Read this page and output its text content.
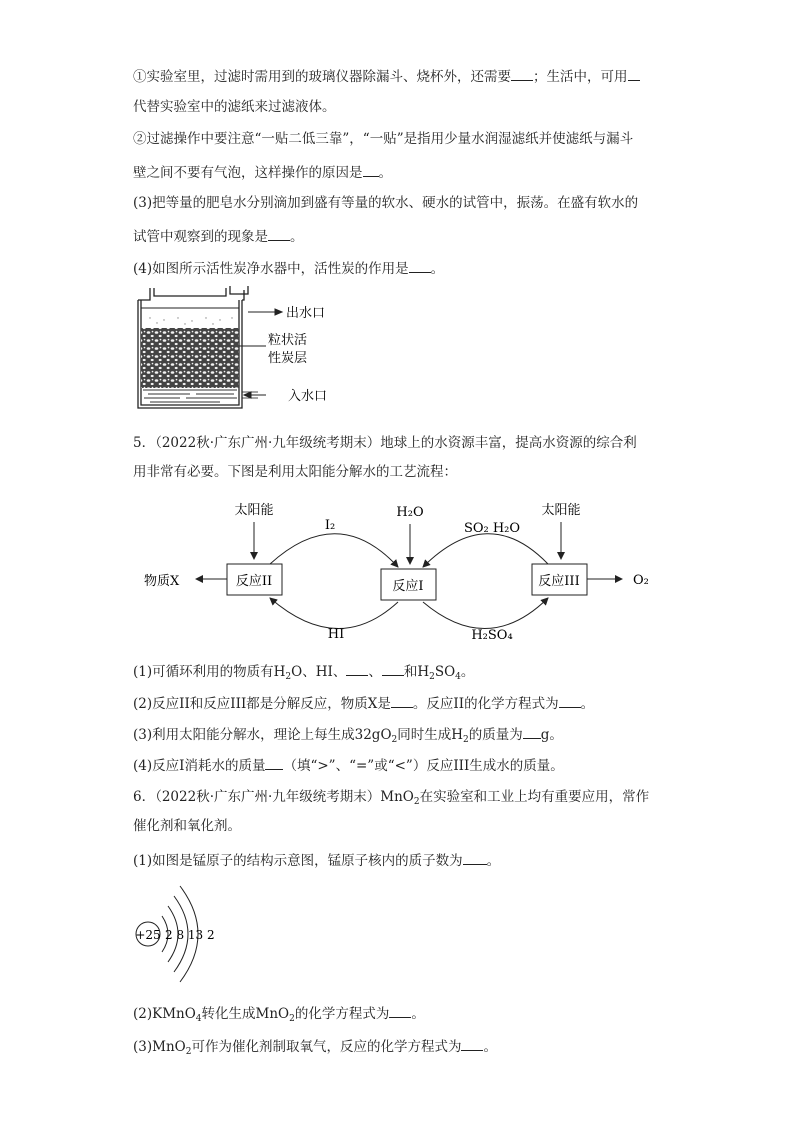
①实验室里，过滤时需用到的玻璃仪器除漏斗、烧杯外，还需要 ；生活中，可用
代替实验室中的滤纸来过滤液体。
②过滤操作中要注意“一贴二低三靠”，“一贴”是指用少量水润湿滤纸并使滤纸与漏斗
壁之间不要有气泡，这样操作的原因是 。
(3)把等量的肥皂水分别滴加到盛有等量的软水、硬水的试管中，振荡。在盛有软水的
试管中观察到的现象是 。
(4)如图所示活性炭净水器中，活性炭的作用是 。
出水口
粒状活
性炭层
入水口
5．（2022秋·广东广州·九年级统考期末）地球上的水资源丰富，提高水资源的综合利
用非常有必要。下图是利用太阳能分解水的工艺流程：
反应II	反应I	反应III
太阳能	H₂O	太阳能
物质X	O₂
I₂	SO₂ H₂O
HI	H₂SO₄
(1)可循环利用的物质有$H_2O$、HI、 、 和$H_2SO_4$。
(2)反应II和反应III都是分解反应，物质X是 。反应II的化学方程式为 。
(3)利用太阳能分解水，理论上每生成$32gO_2$同时生成$H_2$的质量为 g。
(4)反应I消耗水的质量 （填“>”、“=”或“<”）反应III生成水的质量。
6．（2022秋·广东广州·九年级统考期末）MnO$_2$在实验室和工业上均有重要应用，常作
催化剂和氧化剂。
(1)如图是锰原子的结构示意图，锰原子核内的质子数为 。
+25 2 8 13 2
(2)KMnO$_4$转化生成MnO$_2$的化学方程式为 。
(3)MnO$_2$可作为催化剂制取氧气，反应的化学方程式为 。
